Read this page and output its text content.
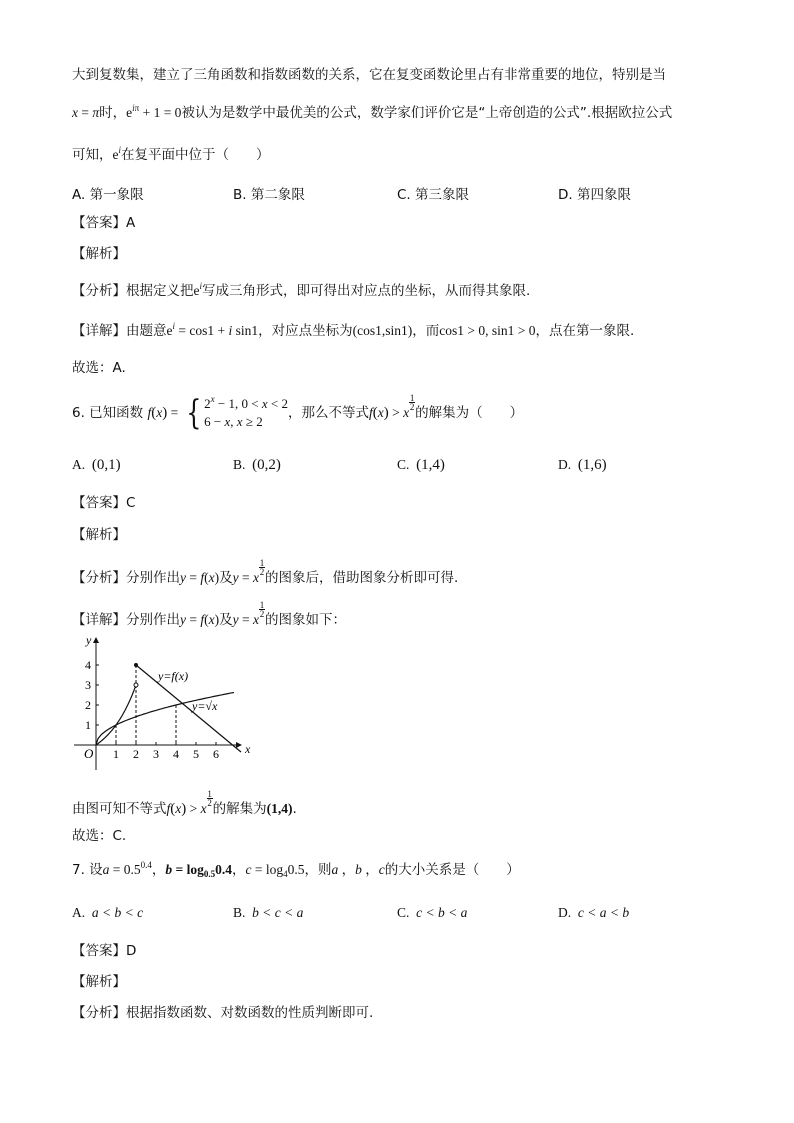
大到复数集，建立了三角函数和指数函数的关系，它在复变函数论里占有非常重要的地位，特别是当
x = π时，$e^{i\pi} + 1 = 0$被认为是数学中最优美的公式，数学家们评价它是“上帝创造的公式”.根据欧拉公式
可知，$e^i$在复平面中位于（　　）
A. 第一象限	B. 第二象限	C. 第三象限	D. 第四象限
【答案】A
【解析】
【分析】根据定义把$e^i$写成三角形式，即可得出对应点的坐标，从而得其象限.
【详解】由题意$e^i = \cos 1 + i$ sin1，对应点坐标为(cos1,sin1)，而cos1 > 0, sin1 > 0，点在第一象限.
故选：A.
6. 已知函数 f(x) = { $2^x - 1$, 0 < x < 2
6 − x, x ≥ 2
，那么不等式f(x) > x
$\frac{1}{2}$
的解集为（　　）
A. (0,1)	B. (0,2)	C. (1,4)	D. (1,6)
【答案】C
【解析】
【分析】分别作出y = f(x)及y = x
$\frac{1}{2}$
的图象后，借助图象分析即可得.
【详解】分别作出y = f(x)及y = x
$\frac{1}{2}$
的图象如下：
y
x
O 1 2 3 4 5 6
1
2
3
4
y=f(x)
y=√x
由图可知不等式f(x) > x
$\frac{1}{2}$
的解集为(1,4).
故选：C.
7. 设$a = 0.5^{0.4}$，$b = \log_{0.5}0.4$，$c = \log_40.5$，则a ，b ，c的大小关系是（　　）
A. a < b < c	B. b < c < a	C. c < b < a	D. c < a < b
【答案】D
【解析】
【分析】根据指数函数、对数函数的性质判断即可.
